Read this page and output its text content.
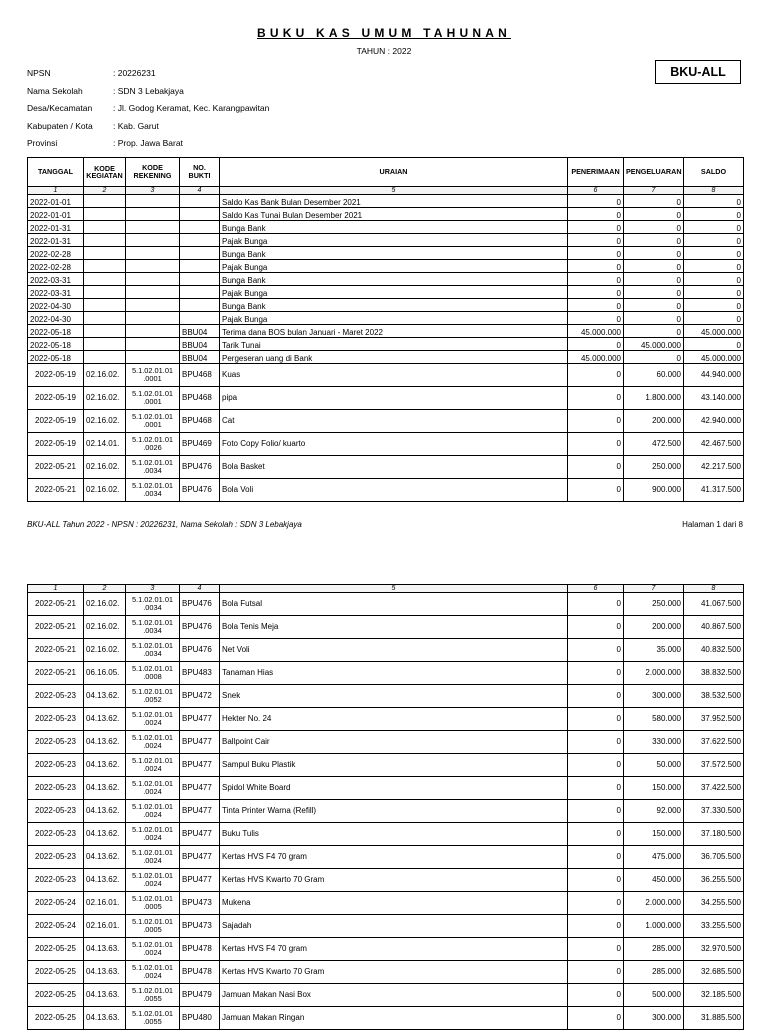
BUKU KAS UMUM TAHUNAN
TAHUN : 2022
BKU-ALL
NPSN	: 20226231
Nama Sekolah	: SDN 3 Lebakjaya
Desa/Kecamatan : Jl. Godog Keramat, Kec. Karangpawitan
Kabupaten / Kota : Kab. Garut
Provinsi	: Prop. Jawa Barat
TANGGAL	KODE KEGIATAN	KODE REKENING	NO. BUKTI	URAIAN	PENERIMAAN	PENGELUARAN	SALDO
1	2	3	4	5	6	7	8
2022-01-01				Saldo Kas Bank Bulan Desember 2021	0	0	0
2022-01-01				Saldo Kas Tunai Bulan Desember 2021	0	0	0
2022-01-31				Bunga Bank	0	0	0
2022-01-31				Pajak Bunga	0	0	0
2022-02-28				Bunga Bank	0	0	0
2022-02-28				Pajak Bunga	0	0	0
2022-03-31				Bunga Bank	0	0	0
2022-03-31				Pajak Bunga	0	0	0
2022-04-30				Bunga Bank	0	0	0
2022-04-30				Pajak Bunga	0	0	0
2022-05-18			BBU04	Terima dana BOS bulan Januari - Maret 2022	45.000.000	0	45.000.000
2022-05-18			BBU04	Tarik Tunai	0	45.000.000	0
2022-05-18			BBU04	Pergeseran uang di Bank	45.000.000	0	45.000.000
2022-05-19	02.16.02.	5.1.02.01.01 .0001	BPU468	Kuas	0	60.000	44.940.000
2022-05-19	02.16.02.	5.1.02.01.01 .0001	BPU468	pipa	0	1.800.000	43.140.000
2022-05-19	02.16.02.	5.1.02.01.01 .0001	BPU468	Cat	0	200.000	42.940.000
2022-05-19	02.14.01.	5.1.02.01.01 .0026	BPU469	Foto Copy Folio/ kuarto	0	472.500	42.467.500
2022-05-21	02.16.02.	5.1.02.01.01 .0034	BPU476	Bola Basket	0	250.000	42.217.500
2022-05-21	02.16.02.	5.1.02.01.01 .0034	BPU476	Bola Voli	0	900.000	41.317.500
BKU-ALL Tahun 2022 - NPSN : 20226231, Nama Sekolah : SDN 3 Lebakjaya	Halaman 1 dari 8
1	2	3	4	5	6	7	8
2022-05-21	02.16.02.	5.1.02.01.01 .0034	BPU476	Bola Futsal	0	250.000	41.067.500
2022-05-21	02.16.02.	5.1.02.01.01 .0034	BPU476	Bola Tenis Meja	0	200.000	40.867.500
2022-05-21	02.16.02.	5.1.02.01.01 .0034	BPU476	Net Voli	0	35.000	40.832.500
2022-05-21	06.16.05.	5.1.02.01.01 .0008	BPU483	Tanaman Hias	0	2.000.000	38.832.500
2022-05-23	04.13.62.	5.1.02.01.01 .0052	BPU472	Snek	0	300.000	38.532.500
2022-05-23	04.13.62.	5.1.02.01.01 .0024	BPU477	Hekter No. 24	0	580.000	37.952.500
2022-05-23	04.13.62.	5.1.02.01.01 .0024	BPU477	Ballpoint Cair	0	330.000	37.622.500
2022-05-23	04.13.62.	5.1.02.01.01 .0024	BPU477	Sampul Buku Plastik	0	50.000	37.572.500
2022-05-23	04.13.62.	5.1.02.01.01 .0024	BPU477	Spidol White Board	0	150.000	37.422.500
2022-05-23	04.13.62.	5.1.02.01.01 .0024	BPU477	Tinta Printer Warna (Refill)	0	92.000	37.330.500
2022-05-23	04.13.62.	5.1.02.01.01 .0024	BPU477	Buku Tulis	0	150.000	37.180.500
2022-05-23	04.13.62.	5.1.02.01.01 .0024	BPU477	Kertas HVS F4 70 gram	0	475.000	36.705.500
2022-05-23	04.13.62.	5.1.02.01.01 .0024	BPU477	Kertas HVS Kwarto 70 Gram	0	450.000	36.255.500
2022-05-24	02.16.01.	5.1.02.01.01 .0005	BPU473	Mukena	0	2.000.000	34.255.500
2022-05-24	02.16.01.	5.1.02.01.01 .0005	BPU473	Sajadah	0	1.000.000	33.255.500
2022-05-25	04.13.63.	5.1.02.01.01 .0024	BPU478	Kertas HVS F4 70 gram	0	285.000	32.970.500
2022-05-25	04.13.63.	5.1.02.01.01 .0024	BPU478	Kertas HVS Kwarto 70 Gram	0	285.000	32.685.500
2022-05-25	04.13.63.	5.1.02.01.01 .0055	BPU479	Jamuan Makan Nasi Box	0	500.000	32.185.500
2022-05-25	04.13.63.	5.1.02.01.01 .0055	BPU480	Jamuan Makan Ringan	0	300.000	31.885.500
